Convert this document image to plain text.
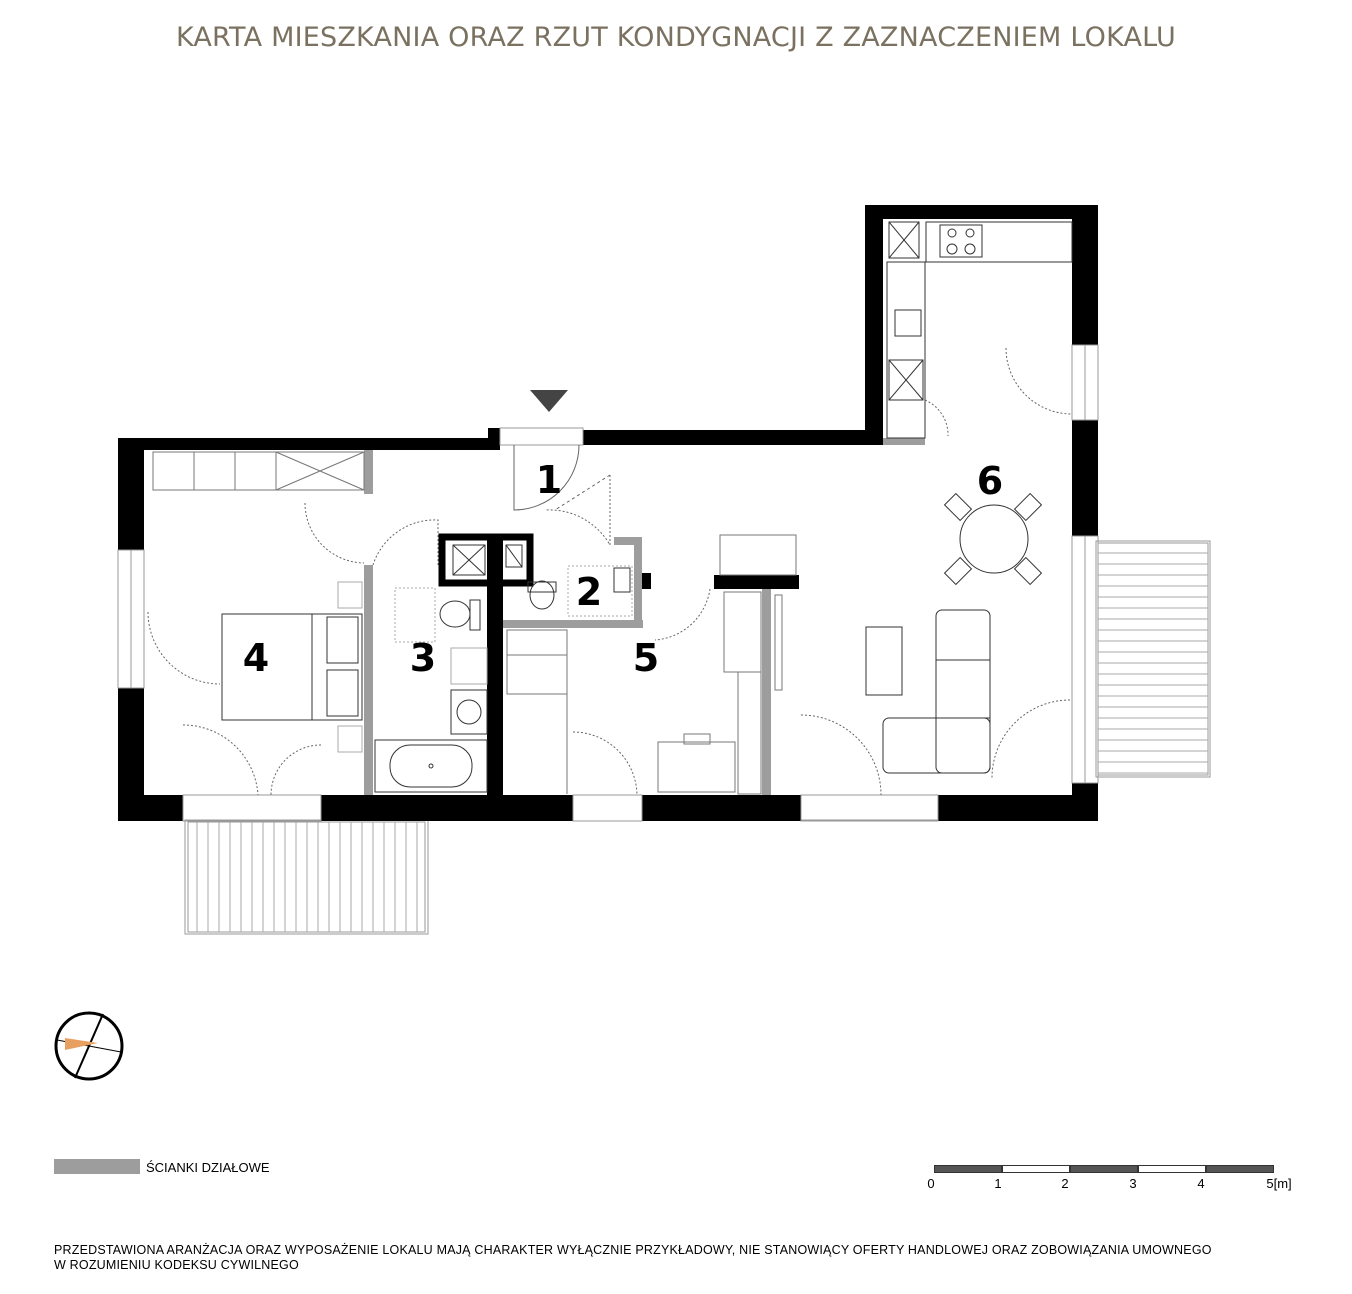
KARTA MIESZKANIA ORAZ RZUT KONDYGNACJI Z ZAZNACZENIEM LOKALU
1
2
3
4	5
6
ŚCIANKI DZIAŁOWE
0	1	2	3	4	5[m]
PRZEDSTAWIONA ARANŻACJA ORAZ WYPOSAŻENIE LOKALU MAJĄ CHARAKTER WYŁĄCZNIE PRZYKŁADOWY, NIE STANOWIĄCY OFERTY HANDLOWEJ ORAZ ZOBOWIĄZANIA UMOWNEGO
W ROZUMIENIU KODEKSU CYWILNEGO
